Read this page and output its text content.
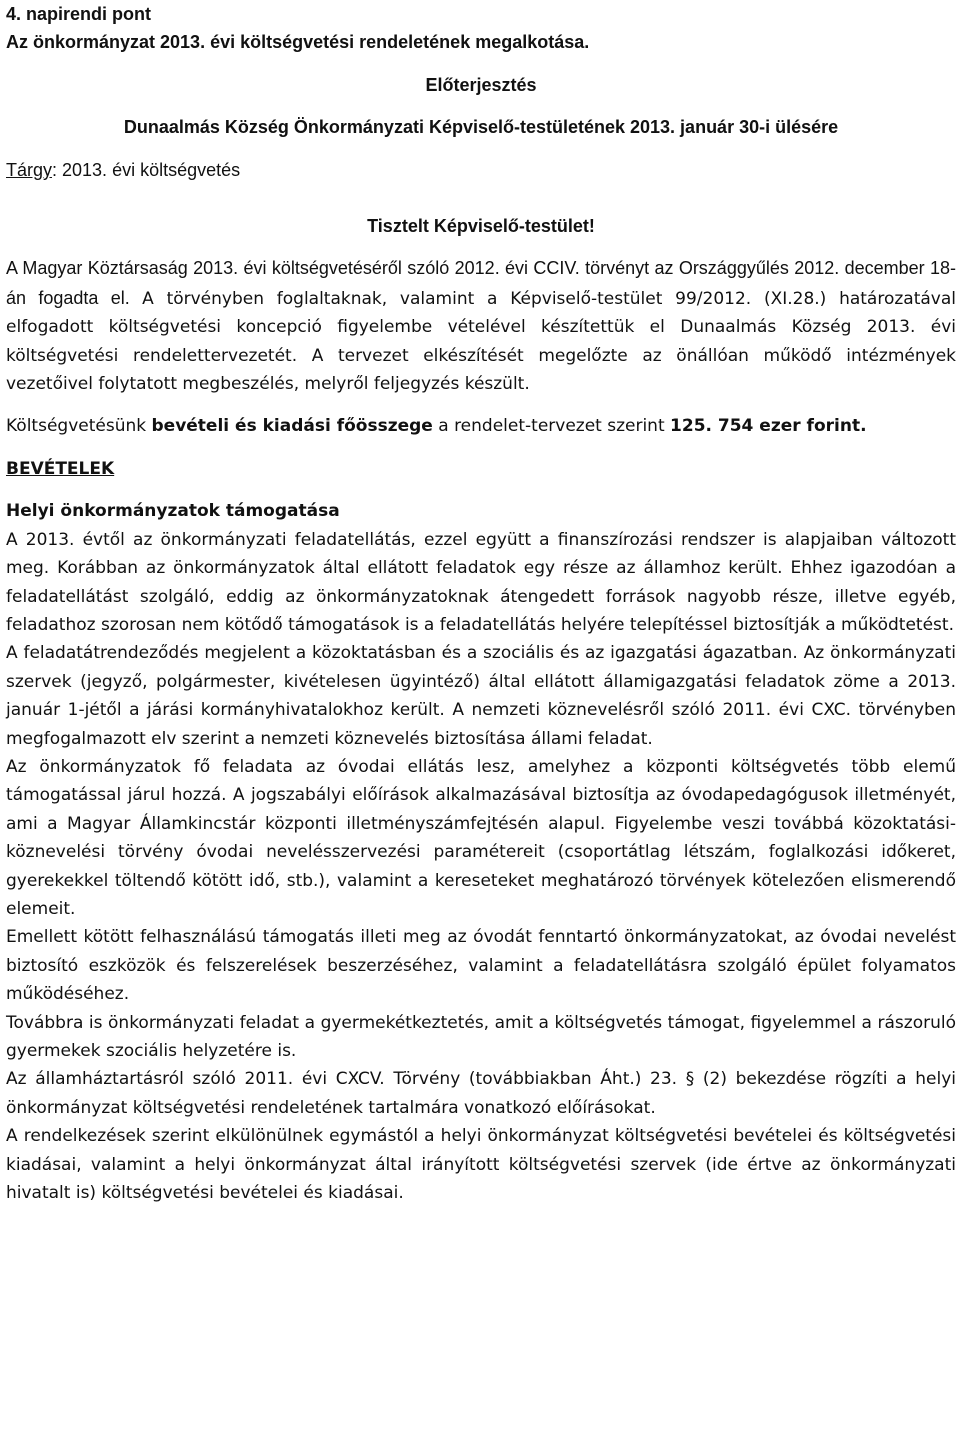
4. napirendi pont
Az önkormányzat 2013. évi költségvetési rendeletének megalkotása.
Előterjesztés
Dunaalmás Község Önkormányzati Képviselő-testületének 2013. január 30-i ülésére
Tárgy: 2013. évi költségvetés
Tisztelt Képviselő-testület!
A Magyar Köztársaság 2013. évi költségvetéséről szóló 2012. évi CCIV. törvényt az Országgyűlés 2012. december 18-án fogadta el. A törvényben foglaltaknak, valamint a Képviselő-testület 99/2012. (XI.28.) határozatával elfogadott költségvetési koncepció figyelembe vételével készítettük el Dunaalmás Község 2013. évi költségvetési rendelettervezetét. A tervezet elkészítését megelőzte az önállóan működő intézmények vezetőivel folytatott megbeszélés, melyről feljegyzés készült.
Költségvetésünk bevételi és kiadási főösszege a rendelet-tervezet szerint 125. 754 ezer forint.
BEVÉTELEK
Helyi önkormányzatok támogatása
A 2013. évtől az önkormányzati feladatellátás, ezzel együtt a finanszírozási rendszer is alapjaiban változott meg. Korábban az önkormányzatok által ellátott feladatok egy része az államhoz került. Ehhez igazodóan a feladatellátást szolgáló, eddig az önkormányzatoknak átengedett források nagyobb része, illetve egyéb, feladathoz szorosan nem kötődő támogatások is a feladatellátás helyére telepítéssel biztosítják a működtetést.
A feladatátrendeződés megjelent a közoktatásban és a szociális és az igazgatási ágazatban. Az önkormányzati szervek (jegyző, polgármester, kivételesen ügyintéző) által ellátott államigazgatási feladatok zöme a 2013. január 1-jétől a járási kormányhivatalokhoz került. A nemzeti köznevelésről szóló 2011. évi CXC. törvényben megfogalmazott elv szerint a nemzeti köznevelés biztosítása állami feladat.
Az önkormányzatok fő feladata az óvodai ellátás lesz, amelyhez a központi költségvetés több elemű támogatással járul hozzá. A jogszabályi előírások alkalmazásával biztosítja az óvodapedagógusok illetményét, ami a Magyar Államkincstár központi illetményszámfejtésén alapul. Figyelembe veszi továbbá közoktatási-köznevelési törvény óvodai nevelésszervezési paramétereit (csoportátlag létszám, foglalkozási időkeret, gyerekekkel töltendő kötött idő, stb.), valamint a kereseteket meghatározó törvények kötelezően elismerendő elemeit.
Emellett kötött felhasználású támogatás illeti meg az óvodát fenntartó önkormányzatokat, az óvodai nevelést biztosító eszközök és felszerelések beszerzéséhez, valamint a feladatellátásra szolgáló épület folyamatos működéséhez.
Továbbra is önkormányzati feladat a gyermekétkeztetés, amit a költségvetés támogat, figyelemmel a rászoruló gyermekek szociális helyzetére is.
Az államháztartásról szóló 2011. évi CXCV. Törvény (továbbiakban Áht.) 23. § (2) bekezdése rögzíti a helyi önkormányzat költségvetési rendeletének tartalmára vonatkozó előírásokat.
A rendelkezések szerint elkülönülnek egymástól a helyi önkormányzat költségvetési bevételei és költségvetési kiadásai, valamint a helyi önkormányzat által irányított költségvetési szervek (ide értve az önkormányzati hivatalt is) költségvetési bevételei és kiadásai.
